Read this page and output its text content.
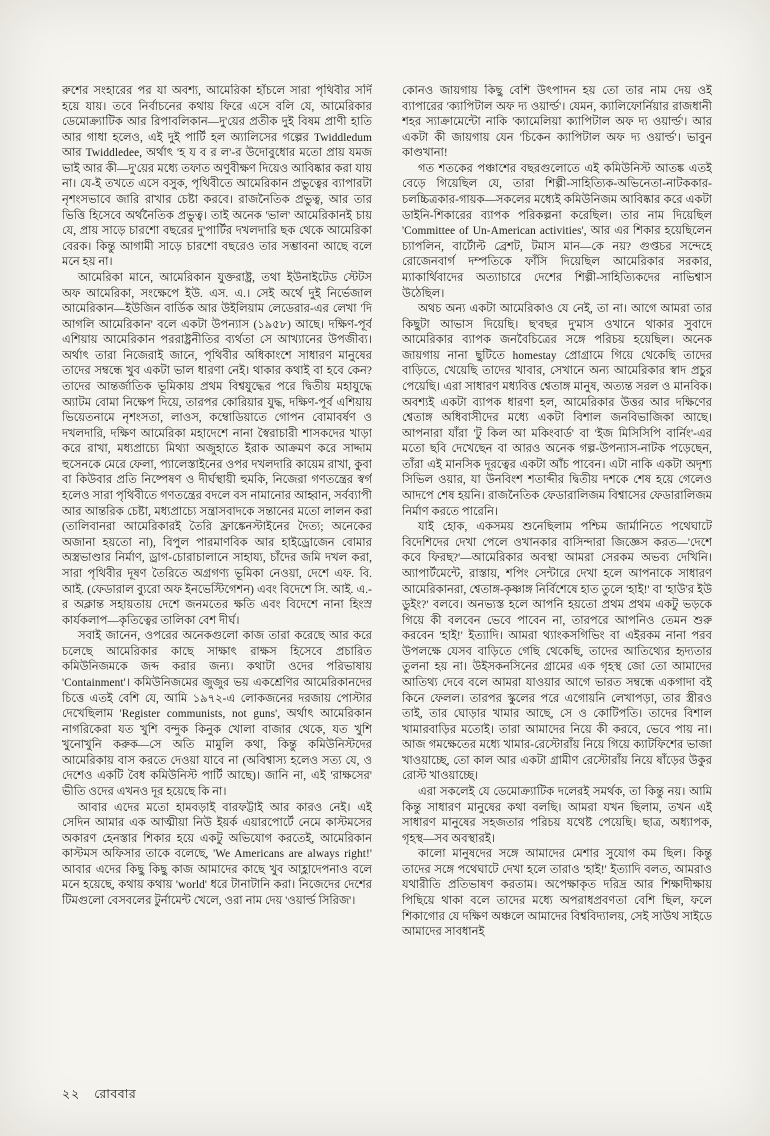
রুশের সংহারের পর যা অবশ্য, আমেরিকা হাঁচলে সারা পৃথিবীর সর্দি হয়ে যায়। তবে নির্বাচনের কথায় ফিরে এসে বলি যে, আমেরিকার ডেমোক্র্যাটিক আর রিপাবলিকান—দু'য়ের প্রতীক দুই বিষম প্রাণী হাতি আর গাধা হলেও, এই দুই পার্টি হল অ্যালিসের গল্পের Twiddledum আর Twiddledee, অর্থাৎ 'হ য ব র ল'-র উদোবুধোর মতো প্রায় যমজ ভাই আর কী—দু'য়ের মধ্যে তফাত অণুবীক্ষণ দিয়েও আবিষ্কার করা যায় না। যে-ই তখতে এসে বসুক, পৃথিবীতে আমেরিকান প্রভুত্বের ব্যাপারটা নৃশংসভাবে জারি রাখার চেষ্টা করবে। রাজনৈতিক প্রভুত্ব, আর তার ভিত্তি হিসেবে অর্থনৈতিক প্রভুত্ব। তাই অনেক 'ভাল' আমেরিকানই চায় যে, প্রায় সাড়ে চারশো বছরের দু'পার্টির দখলদারি ছক থেকে আমেরিকা বেরক। কিন্তু আগামী সাড়ে চারশো বছরেও তার সম্ভাবনা আছে বলে মনে হয় না।

আমেরিকা মানে, আমেরিকান যুক্তরাষ্ট্র, তথা ইউনাইটেড স্টেটস অফ আমেরিকা, সংক্ষেপে ইউ. এস. এ.। সেই অর্থে দুই নির্ভেজাল আমেরিকান—ইউজিন বার্ডিক আর উইলিয়াম লেডেরার-এর লেখা 'দি আগলি আমেরিকান' বলে একটা উপন্যাস (১৯৫৮) আছে। দক্ষিণ-পূর্ব এশিয়ায় আমেরিকান পররাষ্ট্রনীতির ব্যর্থতা সে আখ্যানের উপজীব্য। অর্থাৎ তারা নিজেরাই জানে, পৃথিবীর অধিকাংশে সাধারণ মানুষের তাদের সম্বন্ধে খুব একটা ভাল ধারণা নেই। থাকার কথাই বা হবে কেন? তাদের আন্তর্জাতিক ভূমিকায় প্রথম বিশ্বযুদ্ধের পরে দ্বিতীয় মহাযুদ্ধে অ্যাটম বোমা নিক্ষেপ দিয়ে, তারপর কোরিয়ার যুদ্ধ, দক্ষিণ-পূর্ব এশিয়ায় ভিয়েতনামে নৃশংসতা, লাওস, কম্বোডিয়াতে গোপন বোমাবর্ষণ ও দখলদারি, দক্ষিণ আমেরিকা মহাদেশে নানা স্বৈরাচারী শাসকদের খাড়া করে রাখা, মধ্যপ্রাচ্যে মিথ্যা অজুহাতে ইরাক আক্রমণ করে সাদ্দাম হুসেনকে মেরে ফেলা, প্যালেস্তাইনের ওপর দখলদারি কায়েম রাখা, কুবা বা কিউবার প্রতি নিষ্পেষণ ও দীর্ঘস্থায়ী হুমকি, নিজেরা গণতন্ত্রের স্বর্গ হলেও সারা পৃথিবীতে গণতন্ত্রের বদলে বস নামানোর আহ্বান, সর্বব্যাপী আর আন্তরিক চেষ্টা, মধ্যপ্রাচ্যে সন্ত্রাসবাদকে সন্তানের মতো লালন করা (তালিবানরা আমেরিকারই তৈরি ফ্রাঙ্কেনস্টাইনের দৈত্য; অনেকের অজানা হয়তো না), বিপুল পারমাণবিক আর হাইড্রোজেন বোমার অস্ত্রভাণ্ডার নির্মাণ, ড্রাগ-চোরাচালানে সাহায্য, চাঁদের জমি দখল করা, সারা পৃথিবীর দূষণ তৈরিতে অগ্রগণ্য ভূমিকা নেওয়া, দেশে এফ. বি. আই. (ফেডারাল ব্যুরো অফ ইনভেস্টিগেশন) এবং বিদেশে সি. আই. এ.-র অক্লান্ত সহায়তায় দেশে জনমতের ক্ষতি এবং বিদেশে নানা হিংস্র কার্যকলাপ—কৃতিত্বের তালিকা বেশ দীর্ঘ।

সবাই জানেন, ওপরের অনেকগুলো কাজ তারা করেছে আর করে চলেছে আমেরিকার কাছে সাক্ষাৎ রাক্ষস হিসেবে প্রচারিত কমিউনিজমকে জব্দ করার জন্য। কথাটা ওদের পরিভাষায় 'Containment'। কমিউনিজমের জুজুর ভয় একশ্রেণির আমেরিকানদের চিত্তে এতই বেশি যে, আমি ১৯৭২-এ লোকজনের দরজায় পোস্টার দেখেছিলাম 'Register communists, not guns', অর্থাৎ আমেরিকান নাগরিকেরা যত খুশি বন্দুক কিনুক খোলা বাজার থেকে, যত খুশি খুনোখুনি করুক—সে অতি মামুলি কথা, কিন্তু কমিউনিস্টদের আমেরিকায় বাস করতে দেওয়া যাবে না (অবিশ্বাস্য হলেও সত্য যে, ও দেশেও একটি বৈধ কমিউনিস্ট পার্টি আছে)। জানি না, এই 'রাক্ষসের' ভীতি ওদের এখনও দূর হয়েছে কি না।

আবার এদের মতো হামবড়াই বারফট্টাই আর কারও নেই। এই সেদিন আমার এক আত্মীয়া নিউ ইয়র্ক এয়ারপোর্টে নেমে কাস্টমসের অকারণ হেনস্তার শিকার হয়ে একটু অভিযোগ করতেই, আমেরিকান কাস্টমস অফিসার তাকে বলেছে, 'We Americans are always right!' আবার এদের কিছু কিছু কাজ আমাদের কাছে খুব আহ্লাদেপনাও বলে মনে হয়েছে, কথায় কথায় 'world' ধরে টানাটানি করা। নিজেদের দেশের টিমগুলো বেসবলের টুর্নামেন্ট খেলে, ওরা নাম দেয় 'ওয়ার্ল্ড সিরিজ'।

কোনও জায়গায় কিছু বেশি উৎপাদন হয় তো তার নাম দেয় ওই ব্যাপারের 'ক্যাপিটাল অফ দ্য ওয়ার্ল্ড'। যেমন, ক্যালিফোর্নিয়ার রাজধানী শহর স্যাক্রামেন্টো নাকি 'ক্যামেলিয়া ক্যাপিটাল অফ দ্য ওয়ার্ল্ড'। আর একটা কী জায়গায় যেন 'চিকেন ক্যাপিটাল অফ দ্য ওয়ার্ল্ড'। ভাবুন কাণ্ডখানা!

গত শতকের পঞ্চাশের বছরগুলোতে এই কমিউনিস্ট আতঙ্ক এতই বেড়ে গিয়েছিল যে, তারা শিল্পী-সাহিত্যিক-অভিনেতা-নাটককার-চলচ্চিত্রকার-গায়ক—সকলের মধ্যেই কমিউনিজম আবিষ্কার করে একটা ডাইনি-শিকারের ব্যাপক পরিকল্পনা করেছিল। তার নাম দিয়েছিল 'Committee of Un-American activities', আর এর শিকার হয়েছিলেন চ্যাপলিন, বার্টোল্ট ব্রেশট, টমাস মান—কে নয়? গুপ্তচর সন্দেহে রোজেনবার্গ দম্পতিকে ফাঁসি দিয়েছিল আমেরিকার সরকার, ম্যাকার্থিবাদের অত্যাচারে দেশের শিল্পী-সাহিত্যিকদের নাভিশ্বাস উঠেছিল।

অথচ অন্য একটা আমেরিকাও যে নেই, তা না। আগে আমরা তার কিছুটা আভাস দিয়েছি। ছ'বছর দু'মাস ওখানে থাকার সুবাদে আমেরিকার ব্যাপক জনবৈচিত্রের সঙ্গে পরিচয় হয়েছিল। অনেক জায়গায় নানা ছুটিতে homestay প্রোগ্রামে গিয়ে থেকেছি তাদের বাড়িতে, খেয়েছি তাদের খাবার, সেখানে অন্য আমেরিকার স্বাদ প্রচুর পেয়েছি। এরা সাধারণ মধ্যবিত্ত শ্বেতাঙ্গ মানুষ, অত্যন্ত সরল ও মানবিক। অবশ্যই একটা ব্যাপক ধারণা হল, আমেরিকার উত্তর আর দক্ষিণের শ্বেতাঙ্গ অধিবাসীদের মধ্যে একটা বিশাল জনবিভাজিকা আছে। আপনারা যাঁরা 'টু কিল আ মকিংবার্ড' বা 'ইজ মিসিসিপি বার্নিং'-এর মতো ছবি দেখেছেন বা আরও অনেক গল্প-উপন্যাস-নাটক পড়েছেন, তাঁরা এই মানসিক দূরত্বের একটা আঁচ পাবেন। এটা নাকি একটা অদৃশ্য সিভিল ওয়ার, যা উনবিংশ শতাব্দীর দ্বিতীয় দশকে শেষ হয়ে গেলেও আদপে শেষ হয়নি। রাজনৈতিক ফেডারালিজম বিশ্বাসের ফেডারালিজম নির্মাণ করতে পারেনি।

যাই হোক, একসময় শুনেছিলাম পশ্চিম জার্মানিতে পথেঘাটে বিদেশিদের দেখা পেলে ওখানকার বাসিন্দারা জিজ্ঞেস করত—'দেশে কবে ফিরছ?'—আমেরিকার অবস্থা আমরা সেরকম অভব্য দেখিনি। অ্যাপার্টমেন্টে, রাস্তায়, শপিং সেন্টারে দেখা হলে আপনাকে সাধারণ আমেরিকানরা, শ্বেতাঙ্গ-কৃষ্ণাঙ্গ নির্বিশেষে হাত তুলে 'হাই!' বা 'হাউ'র ইউ ডুইং?' বলবে। অনভ্যস্ত হলে আপনি হয়তো প্রথম প্রথম একটু ভড়কে গিয়ে কী বলবেন ভেবে পাবেন না, তারপরে আপনিও তেমন শুরু করবেন 'হাই!' ইত্যাদি। আমরা থ্যাংকসগিভিং বা এইরকম নানা পরব উপলক্ষে যেসব বাড়িতে গেছি থেকেছি, তাদের আতিথ্যের হৃদ্যতার তুলনা হয় না। উইসকনসিনের গ্রামের এক গৃহস্থ জো তো আমাদের আতিথ্য দেবে বলে আমরা যাওয়ার আগে ভারত সম্বন্ধে একগাদা বই কিনে ফেলল। তারপর স্কুলের পরে এগোয়নি লেখাপড়া, তার স্ত্রীরও তাই, তার ঘোড়ার খামার আছে, সে ও কোটিপতি। তাদের বিশাল খামারবাড়ির মতোই। তারা আমাদের নিয়ে কী করবে, ভেবে পায় না। আজ গমক্ষেতের মধ্যে খামার-রেস্টোরাঁয় নিয়ে গিয়ে ক্যাটফিশের ভাজা খাওয়াচ্ছে, তো কাল আর একটা গ্রামীণ রেস্টোরাঁয় নিয়ে ষাঁড়ের উকুর রোস্ট খাওয়াচ্ছে।

এরা সকলেই যে ডেমোক্র্যাটিক দলেরই সমর্থক, তা কিন্তু নয়। আমি কিন্তু সাধারণ মানুষের কথা বলছি। আমরা যখন ছিলাম, তখন এই সাধারণ মানুষের সহজতার পরিচয় যথেষ্ট পেয়েছি। ছাত্র, অধ্যাপক, গৃহস্থ—সব অবস্থারই।

কালো মানুষদের সঙ্গে আমাদের মেশার সুযোগ কম ছিল। কিন্তু তাদের সঙ্গে পথেঘাটে দেখা হলে তারাও 'হাই!' ইত্যাদি বলত, আমরাও যথারীতি প্রতিভাষণ করতাম। অপেক্ষাকৃত দরিদ্র আর শিক্ষাদীক্ষায় পিছিয়ে থাকা বলে তাদের মধ্যে অপরাধপ্রবণতা বেশি ছিল, ফলে শিকাগোর যে দক্ষিণ অঞ্চলে আমাদের বিশ্ববিদ্যালয়, সেই সাউথ সাইডে আমাদের সাবধানই

২২ রোববার
